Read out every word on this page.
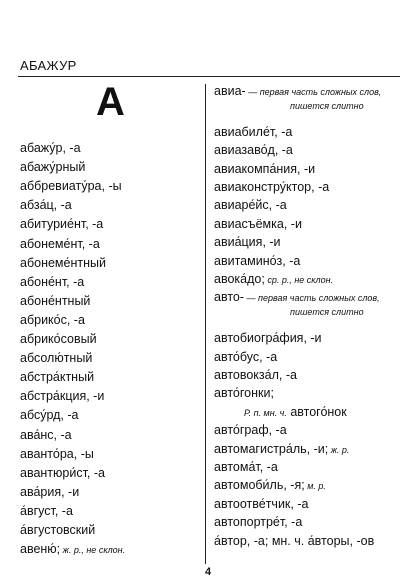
АБАЖУР
А
абажу́р, -а
абажу́рный
аббревиату́ра, -ы
абза́ц, -а
абитурие́нт, -а
абонеме́нт, -а
абонеме́нтный
абоне́нт, -а
абоне́нтный
абрико́с, -а
абрико́совый
абсолю́тный
абстра́ктный
абстра́кция, -и
абсу́рд, -а
ава́нс, -а
аванто́ра, -ы
авантюри́ст, -а
ава́рия, -и
а́вгуст, -а
а́вгустовский
авеню́; ж. р., не склон.
авиа- — первая часть сложных слов,
пишется слитно
авиабиле́т, -а
авиазаво́д, -а
авиакомпа́ния, -и
авиаконстру́ктор, -а
авиаре́йс, -а
авиасъёмка, -и
авиа́ция, -и
авитамино́з, -а
авока́до; ср. р., не склон.
авто- — первая часть сложных слов,
пишется слитно
автобиогра́фия, -и
авто́бус, -а
автовокза́л, -а
авто́гонки;
Р. п. мн. ч. автого́нок
авто́граф, -а
автомагистра́ль, -и; ж. р.
автома́т, -а
автомоби́ль, -я; м. р.
автоотве́тчик, -а
автопортре́т, -а
а́втор, -а; мн. ч. а́вторы, -ов
4
